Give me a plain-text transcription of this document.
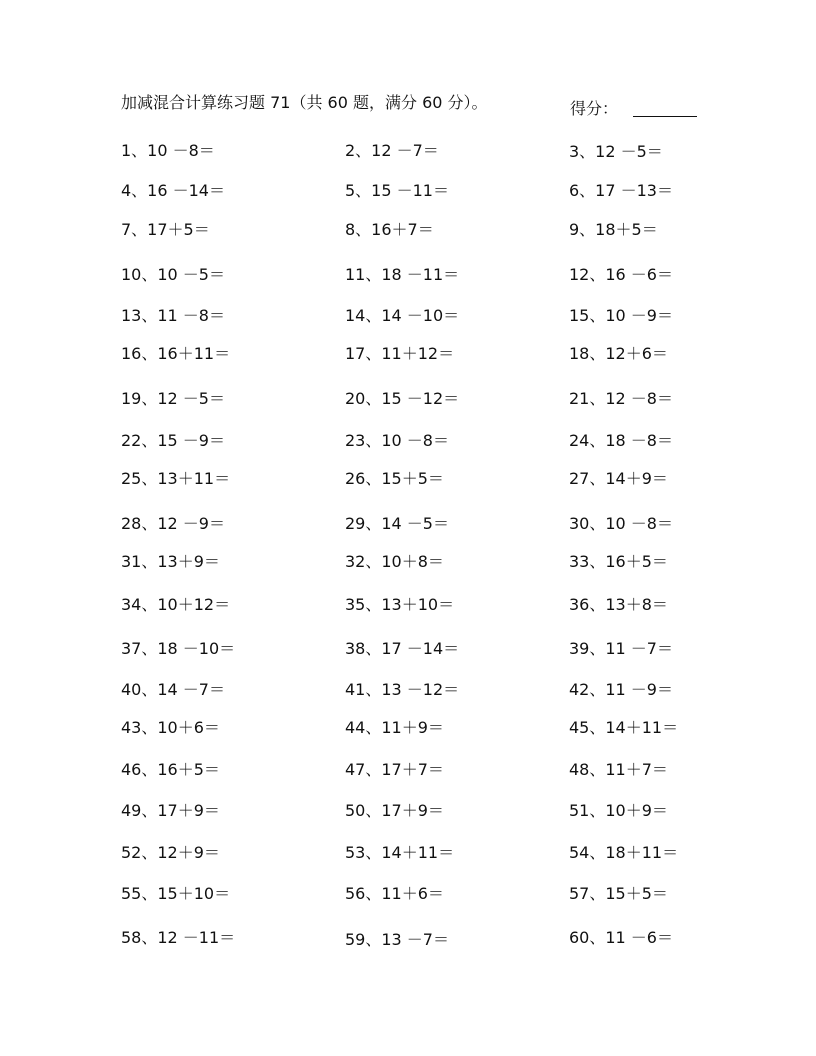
加减混合计算练习题 71（共 60 题，满分 60 分）。	得分：
1、10 －8＝	2、12 －7＝	3、12 －5＝
4、16 －14＝	5、15 －11＝	6、17 －13＝
7、17＋5＝	8、16＋7＝	9、18＋5＝
10、10 －5＝	11、18 －11＝	12、16 －6＝
13、11 －8＝	14、14 －10＝	15、10 －9＝
16、16＋11＝	17、11＋12＝	18、12＋6＝
19、12 －5＝	20、15 －12＝	21、12 －8＝
22、15 －9＝	23、10 －8＝	24、18 －8＝
25、13＋11＝	26、15＋5＝	27、14＋9＝
28、12 －9＝	29、14 －5＝	30、10 －8＝
31、13＋9＝	32、10＋8＝	33、16＋5＝
34、10＋12＝	35、13＋10＝	36、13＋8＝
37、18 －10＝	38、17 －14＝	39、11 －7＝
40、14 －7＝	41、13 －12＝	42、11 －9＝
43、10＋6＝	44、11＋9＝	45、14＋11＝
46、16＋5＝	47、17＋7＝	48、11＋7＝
49、17＋9＝	50、17＋9＝	51、10＋9＝
52、12＋9＝	53、14＋11＝	54、18＋11＝
55、15＋10＝	56、11＋6＝	57、15＋5＝
58、12 －11＝	59、13 －7＝	60、11 －6＝
